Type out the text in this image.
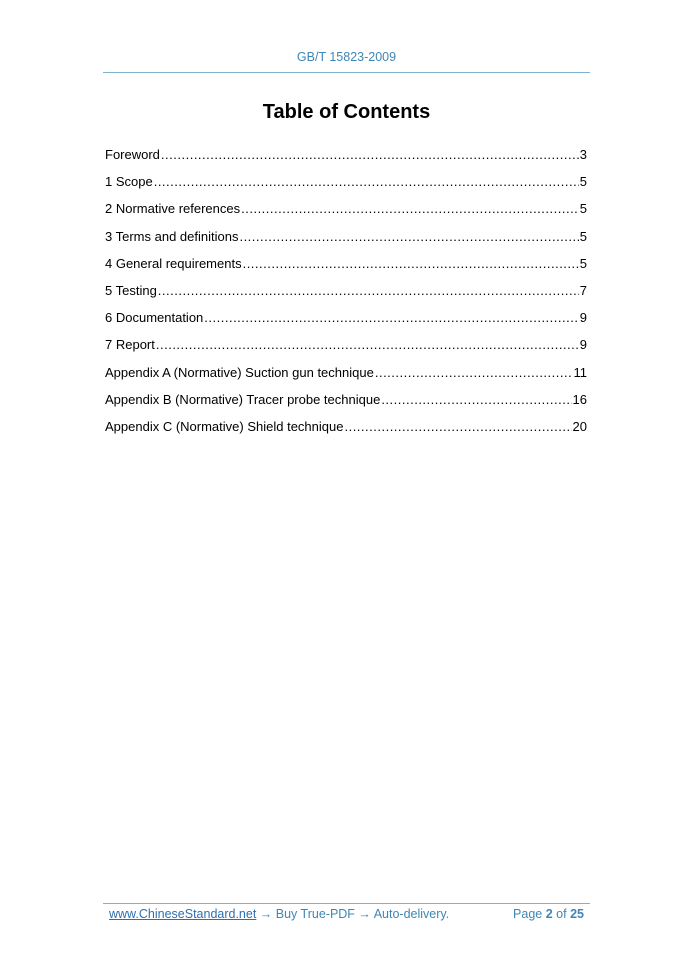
GB/T 15823-2009
Table of Contents
Foreword .....	3
1 Scope .....	5
2 Normative references .....	5
3 Terms and definitions .....	5
4 General requirements .....	5
5 Testing .....	7
6 Documentation .....	9
7 Report .....	9
Appendix A (Normative) Suction gun technique .....	11
Appendix B (Normative) Tracer probe technique .....	16
Appendix C (Normative) Shield technique .....	20
www.ChineseStandard.net → Buy True-PDF → Auto-delivery.	Page 2 of 25
